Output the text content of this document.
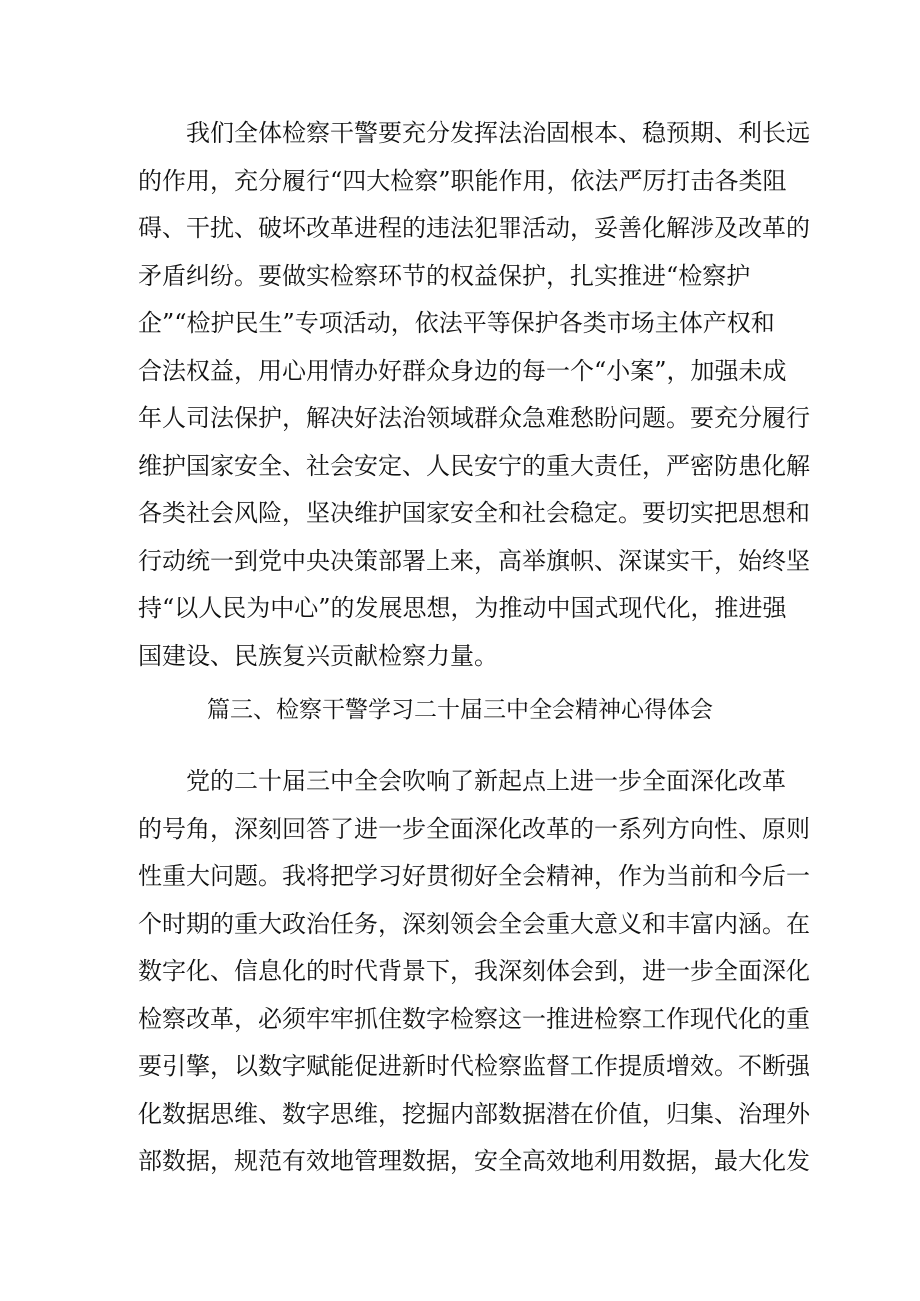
我们全体检察干警要充分发挥法治固根本、稳预期、利长远
的作用，充分履行“四大检察”职能作用，依法严厉打击各类阻
碍、干扰、破坏改革进程的违法犯罪活动，妥善化解涉及改革的
矛盾纠纷。要做实检察环节的权益保护，扎实推进“检察护
企”“检护民生”专项活动，依法平等保护各类市场主体产权和
合法权益，用心用情办好群众身边的每一个“小案”，加强未成
年人司法保护，解决好法治领域群众急难愁盼问题。要充分履行
维护国家安全、社会安定、人民安宁的重大责任，严密防患化解
各类社会风险，坚决维护国家安全和社会稳定。要切实把思想和
行动统一到党中央决策部署上来，高举旗帜、深谋实干，始终坚
持“以人民为中心”的发展思想，为推动中国式现代化，推进强
国建设、民族复兴贡献检察力量。
篇三、检察干警学习二十届三中全会精神心得体会
党的二十届三中全会吹响了新起点上进一步全面深化改革
的号角，深刻回答了进一步全面深化改革的一系列方向性、原则
性重大问题。我将把学习好贯彻好全会精神，作为当前和今后一
个时期的重大政治任务，深刻领会全会重大意义和丰富内涵。在
数字化、信息化的时代背景下，我深刻体会到，进一步全面深化
检察改革，必须牢牢抓住数字检察这一推进检察工作现代化的重
要引擎，以数字赋能促进新时代检察监督工作提质增效。不断强
化数据思维、数字思维，挖掘内部数据潜在价值，归集、治理外
部数据，规范有效地管理数据，安全高效地利用数据，最大化发
